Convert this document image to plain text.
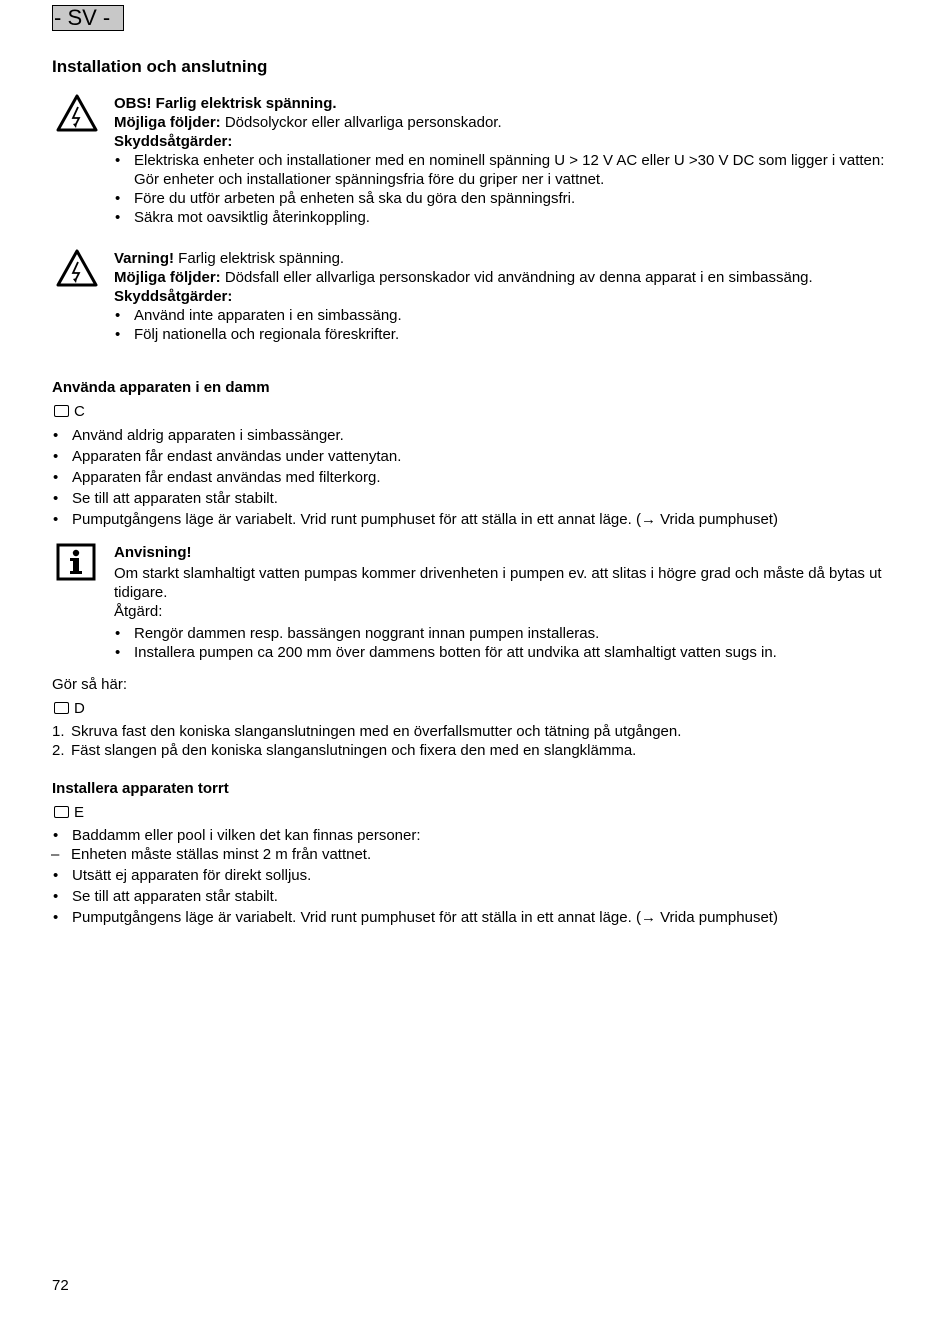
- SV -
Installation och anslutning

OBS! Farlig elektrisk spänning.

Möjliga följder: Dödsolyckor eller allvarliga personskador.

Skyddsåtgärder:

• Elektriska enheter och installationer med en nominell spänning U > 12 V AC eller U >30 V DC som ligger i vatten: Gör enheter och installationer spänningsfria före du griper ner i vattnet.
• Före du utför arbeten på enheten så ska du göra den spänningsfri.
• Säkra mot oavsiktlig återinkoppling.

Varning! Farlig elektrisk spänning.

Möjliga följder: Dödsfall eller allvarliga personskador vid användning av denna apparat i en simbassäng.

Skyddsåtgärder:

• Använd inte apparaten i en simbassäng.
• Följ nationella och regionala föreskrifter.
Använda apparaten i en damm
C
• Använd aldrig apparaten i simbassänger.
• Apparaten får endast användas under vattenytan.
• Apparaten får endast användas med filterkorg.
• Se till att apparaten står stabilt.
• Pumputgångens läge är variabelt. Vrid runt pumphuset för att ställa in ett annat läge. (→ Vrida pumphuset)

Anvisning!

Om starkt slamhaltigt vatten pumpas kommer drivenheten i pumpen ev. att slitas i högre grad och måste då bytas ut tidigare.

Åtgärd:

• Rengör dammen resp. bassängen noggrant innan pumpen installeras.
• Installera pumpen ca 200 mm över dammens botten för att undvika att slamhaltigt vatten sugs in.
Gör så här:
D
1. Skruva fast den koniska slanganslutningen med en överfallsmutter och tätning på utgången.
2. Fäst slangen på den koniska slanganslutningen och fixera den med en slangklämma.
Installera apparaten torrt
E
• Baddamm eller pool i vilken det kan finnas personer:
– Enheten måste ställas minst 2 m från vattnet.
• Utsätt ej apparaten för direkt solljus.
• Se till att apparaten står stabilt.
• Pumputgångens läge är variabelt. Vrid runt pumphuset för att ställa in ett annat läge. (→ Vrida pumphuset)
72
